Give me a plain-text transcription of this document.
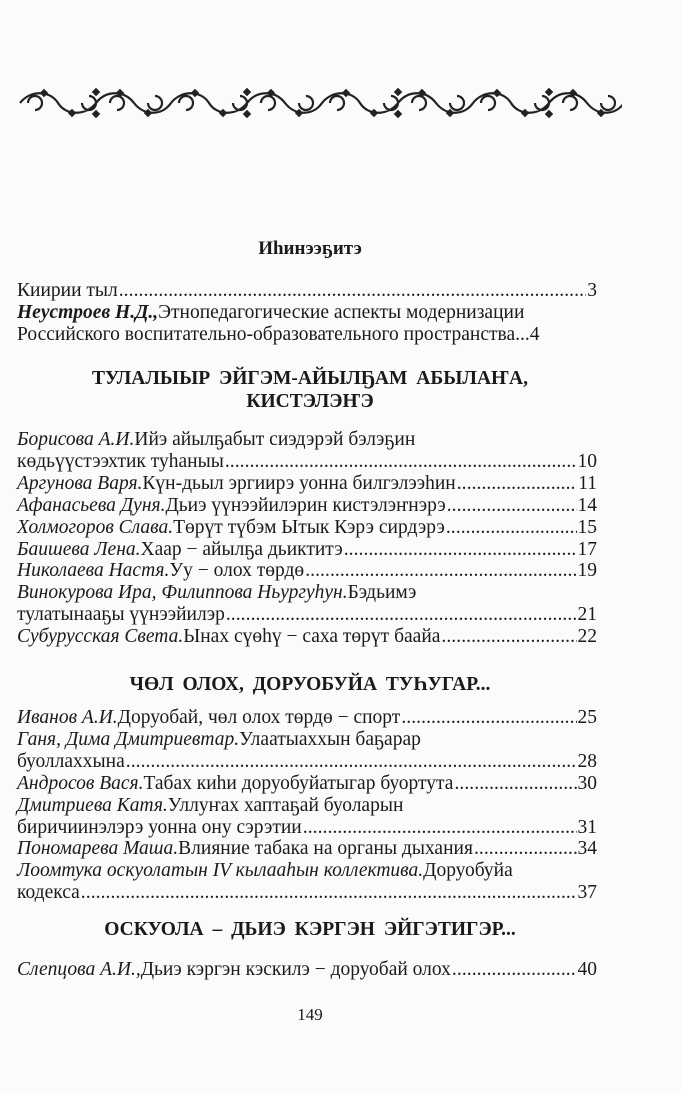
Иhинээҕитэ
Киирии тыл . . .	3
Неустроев Н.Д., Этнопедагогические аспекты модернизации
Российского воспитательно-образовательного пространства... 4
ТУЛАЛЫЫР ЭЙГЭМ-АЙЫЛҔАМ АБЫЛАҤА,
КИСТЭЛЭҤЭ
Борисова А.И. Ийэ айылҕабыт сиэдэрэй бэлэҕин
көдьүүстээхтик туhаныы . . .	10
Аргунова Варя. Күн-дьыл эргиирэ уонна билгэлээhин . . .	11
Афанасьева Дуня. Дьиэ үүнээйилэрин кистэлэҥнэрэ . . .	14
Холмогоров Слава. Төрүт түбэм Ытык Кэрэ сирдэрэ . . .	15
Баишева Лена. Хаар − айылҕа дьиктитэ . . .	17
Николаева Настя. Уу − олох төрдө . . .	19
Винокурова Ира, Филиппова Ньургуhун. Бэдьимэ
тулатынааҕы үүнээйилэр . . .	21
Субурусская Света. Ынах сүөhү − саха төрүт баайа . . .	22
ЧӨЛ ОЛОХ, ДОРУОБУЙА ТУҺУГАР...
Иванов А.И. Доруобай, чөл олох төрдө − спорт . . .	25
Ганя, Дима Дмитриевтар. Улаатыаххын баҕарар
буоллаххына . . .	28
Андросов Вася. Табах киhи доруобуйатыгар буортута . . .	30
Дмитриева Катя. Уллуҥах хаптаҕай буоларын
биричиинэлэрэ уонна ону сэрэтии . . .	31
Пономарева Маша. Влияние табака на органы дыхания . . .	34
Лоомтука оскуолатын IV кылааhын коллектива. Доруобуйа
кодекса . . .	37
ОСКУОЛА – ДЬИЭ КЭРГЭН ЭЙГЭТИГЭР...
Слепцова А.И., Дьиэ кэргэн кэскилэ − доруобай олох . . .	40
149
